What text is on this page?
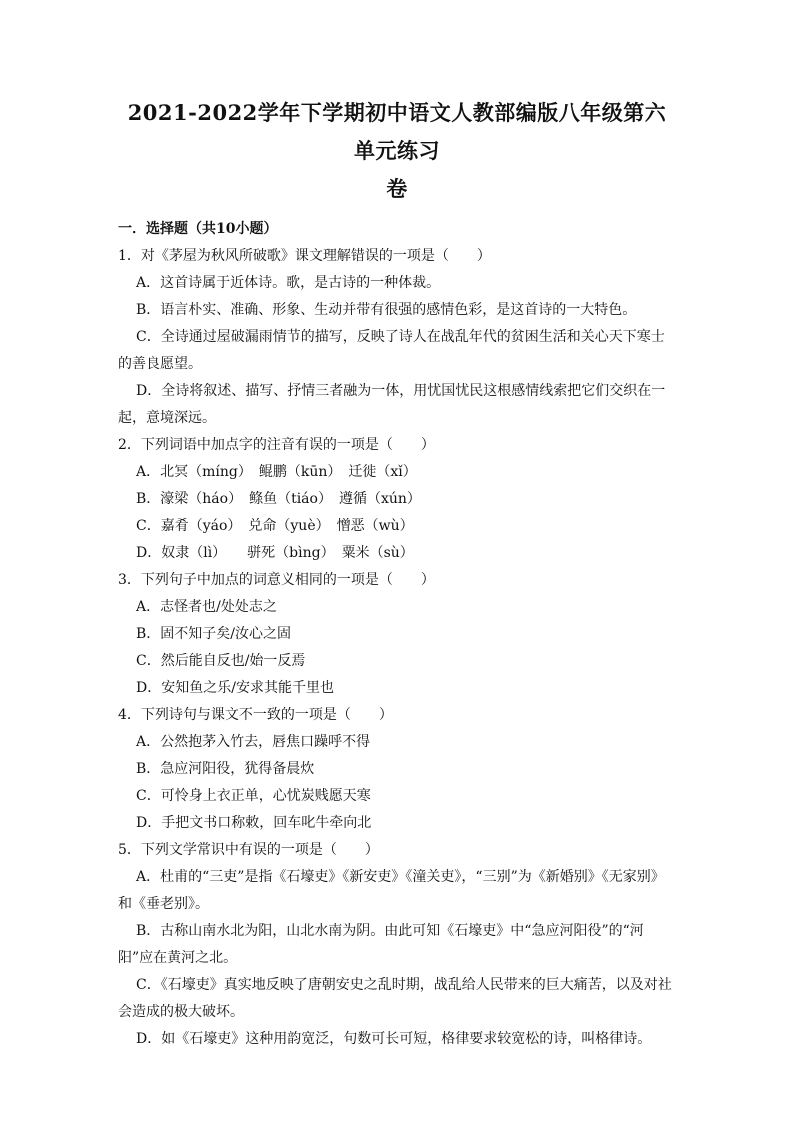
2021-2022学年下学期初中语文人教部编版八年级第六单元练习
卷

一．选择题（共10小题）

1．对《茅屋为秋风所破歌》课文理解错误的一项是（　　）

A．这首诗属于近体诗。歌，是古诗的一种体裁。

B．语言朴实、准确、形象、生动并带有很强的感情色彩，是这首诗的一大特色。

C．全诗通过屋破漏雨情节的描写，反映了诗人在战乱年代的贫困生活和关心天下寒士的善良愿望。

D．全诗将叙述、描写、抒情三者融为一体，用忧国忧民这根感情线索把它们交织在一起，意境深远。

2．下列词语中加点字的注音有误的一项是（　　）

A．北冥（míng）　鲲鹏（kūn）　迁徙（xǐ）

B．濠梁（háo）　鲦鱼（tiáo）　遵循（xún）

C．嘉肴（yáo）　兑命（yuè）　憎恶（wù）

D．奴隶（lì）　　骈死（bìng）　粟米（sù）

3．下列句子中加点的词意义相同的一项是（　　）

A．志怪者也/处处志之

B．固不知子矣/汝心之固

C．然后能自反也/始一反焉

D．安知鱼之乐/安求其能千里也

4．下列诗句与课文不一致的一项是（　　）

A．公然抱茅入竹去，唇焦口躁呼不得

B．急应河阳役，犹得备晨炊

C．可怜身上衣正单，心忧炭贱愿天寒

D．手把文书口称敕，回车叱牛牵向北

5．下列文学常识中有误的一项是（　　）

A．杜甫的“三吏”是指《石壕吏》《新安吏》《潼关吏》，“三别”为《新婚别》《无家别》和《垂老别》。

B．古称山南水北为阳，山北水南为阴。由此可知《石壕吏》中“急应河阳役”的“河阳”应在黄河之北。

C．《石壕吏》真实地反映了唐朝安史之乱时期，战乱给人民带来的巨大痛苦，以及对社会造成的极大破坏。

D．如《石壕吏》这种用韵宽泛，句数可长可短，格律要求较宽松的诗，叫格律诗。
